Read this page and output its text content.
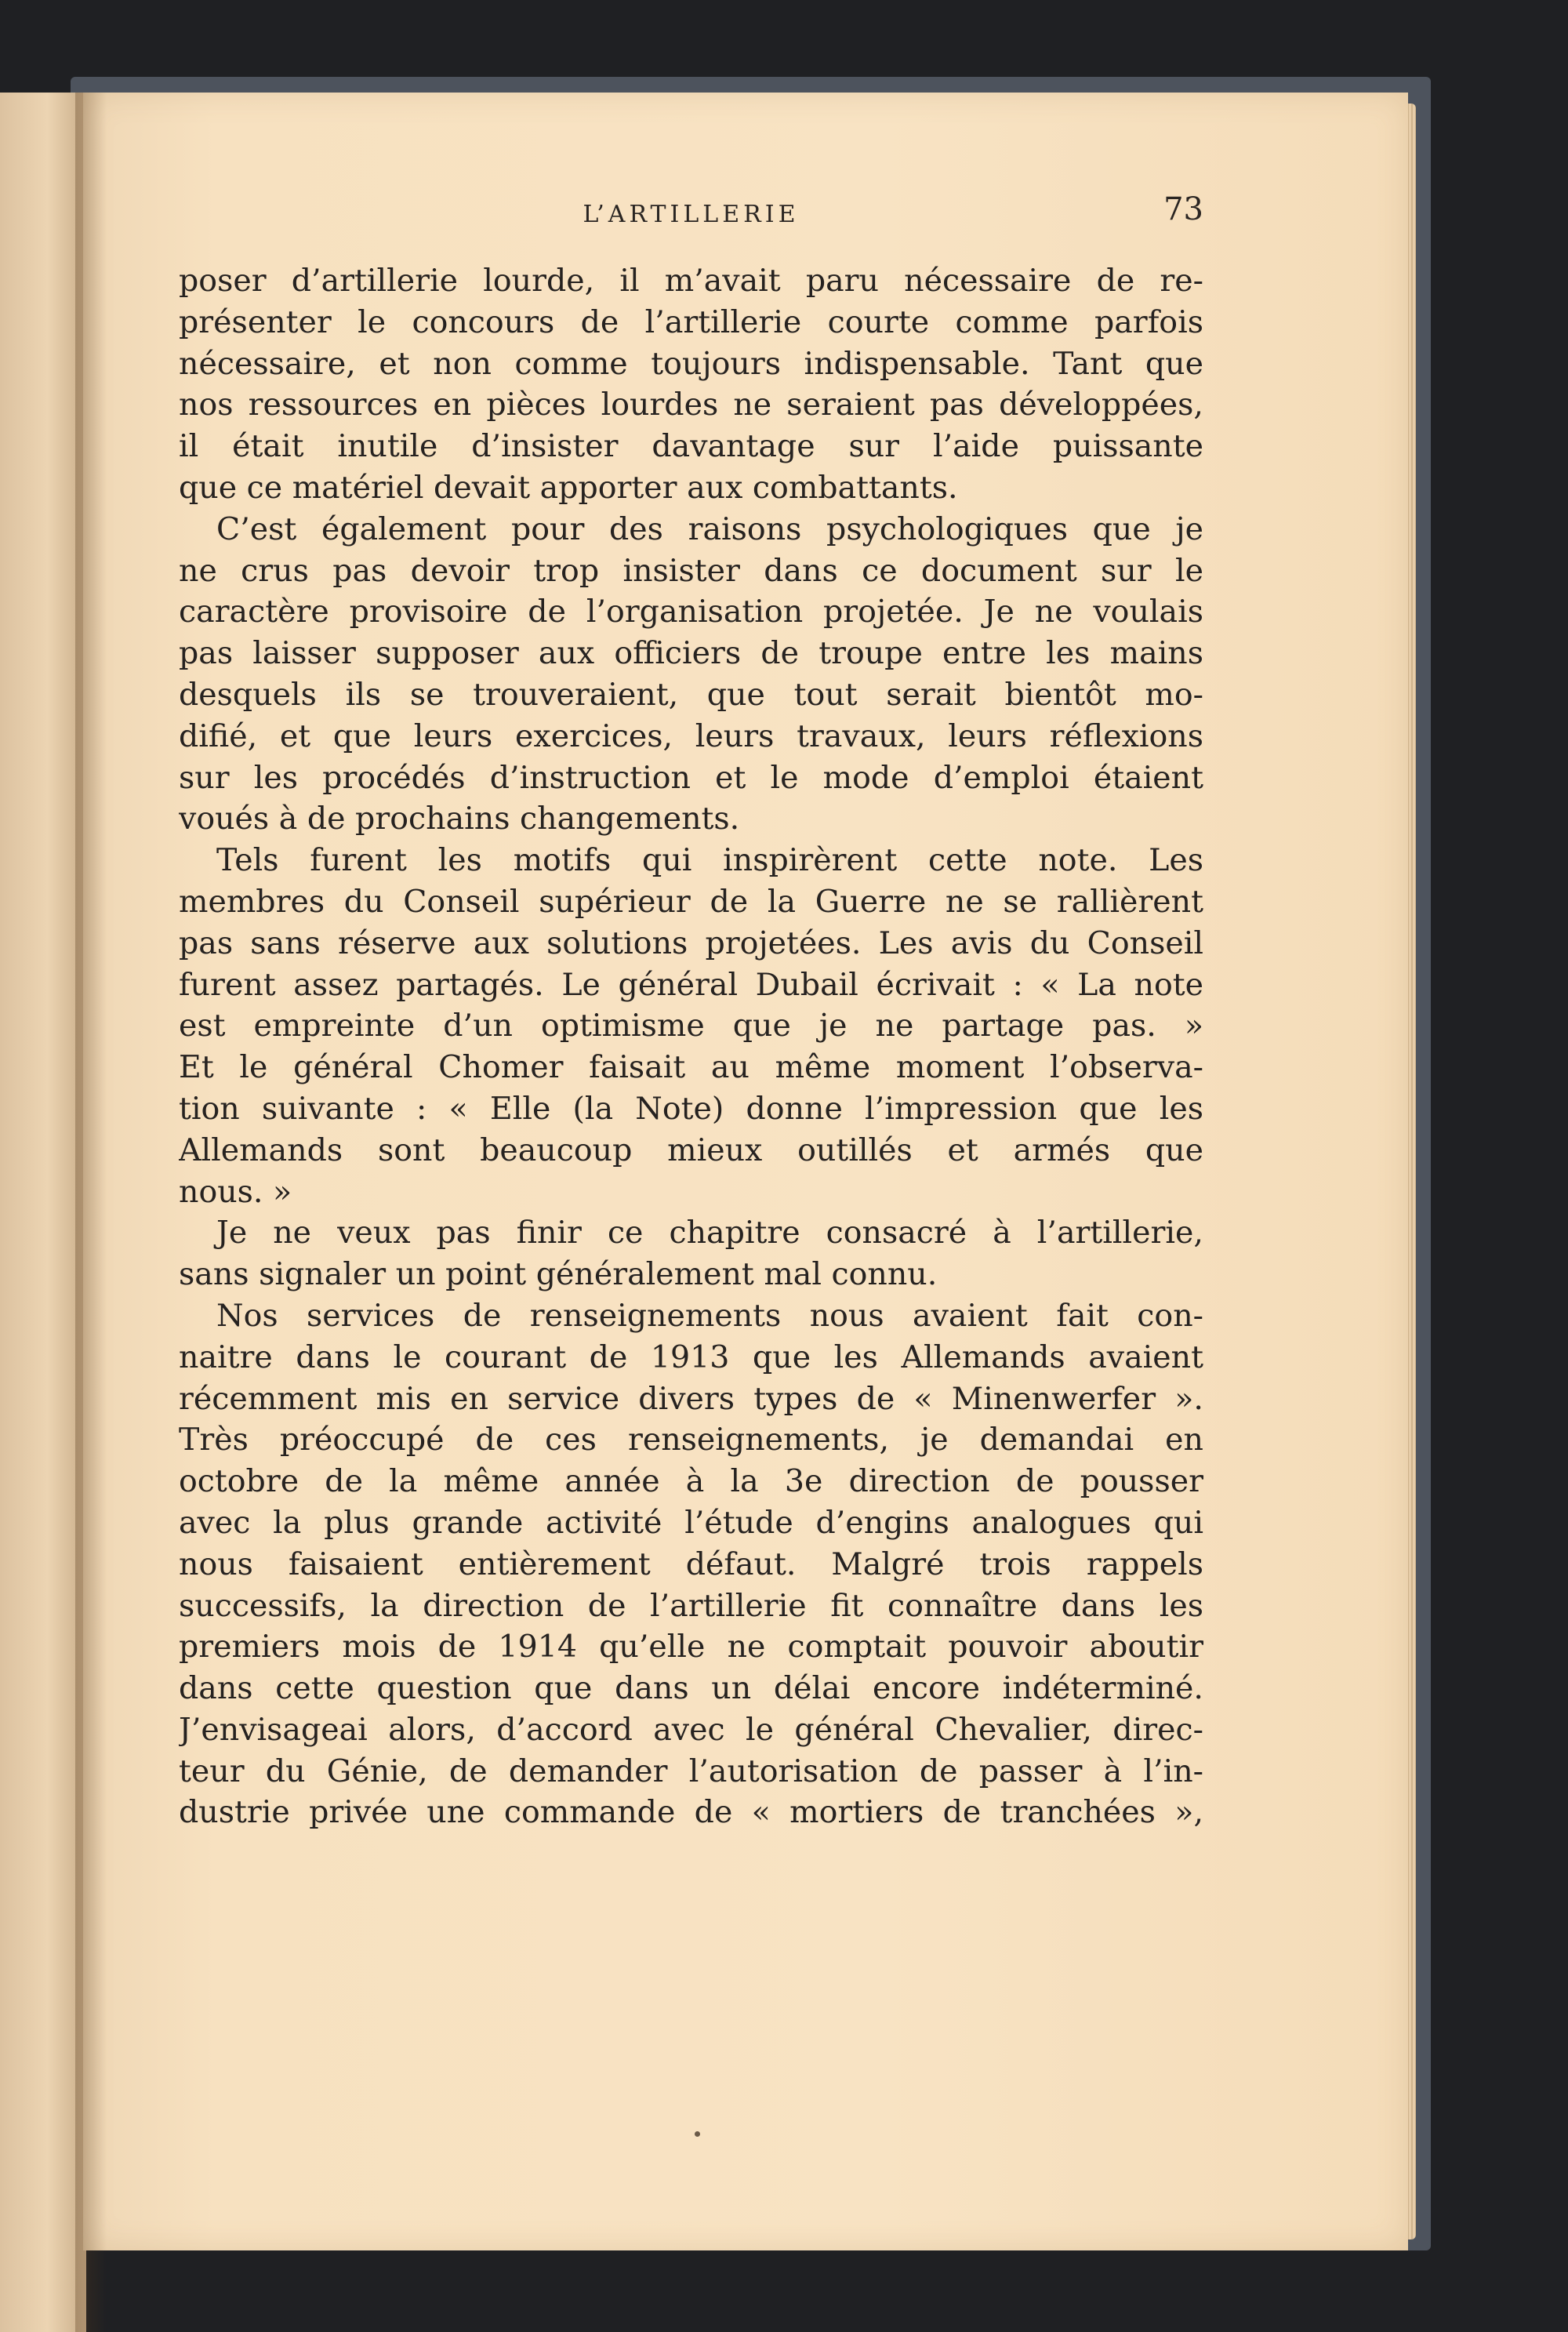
L’ARTILLERIE	73
poser d’artillerie lourde, il m’avait paru nécessaire de re-
présenter le concours de l’artillerie courte comme parfois
nécessaire, et non comme toujours indispensable. Tant que
nos ressources en pièces lourdes ne seraient pas développées,
il était inutile d’insister davantage sur l’aide puissante
que ce matériel devait apporter aux combattants.
C’est également pour des raisons psychologiques que je
ne crus pas devoir trop insister dans ce document sur le
caractère provisoire de l’organisation projetée. Je ne voulais
pas laisser supposer aux officiers de troupe entre les mains
desquels ils se trouveraient, que tout serait bientôt mo-
difié, et que leurs exercices, leurs travaux, leurs réflexions
sur les procédés d’instruction et le mode d’emploi étaient
voués à de prochains changements.
Tels furent les motifs qui inspirèrent cette note. Les
membres du Conseil supérieur de la Guerre ne se rallièrent
pas sans réserve aux solutions projetées. Les avis du Conseil
furent assez partagés. Le général Dubail écrivait : « La note
est empreinte d’un optimisme que je ne partage pas. »
Et le général Chomer faisait au même moment l’observa-
tion suivante : « Elle (la Note) donne l’impression que les
Allemands sont beaucoup mieux outillés et armés que
nous. »
Je ne veux pas finir ce chapitre consacré à l’artillerie,
sans signaler un point généralement mal connu.
Nos services de renseignements nous avaient fait con-
naitre dans le courant de 1913 que les Allemands avaient
récemment mis en service divers types de « Minenwerfer ».
Très préoccupé de ces renseignements, je demandai en
octobre de la même année à la 3e direction de pousser
avec la plus grande activité l’étude d’engins analogues qui
nous faisaient entièrement défaut. Malgré trois rappels
successifs, la direction de l’artillerie fit connaître dans les
premiers mois de 1914 qu’elle ne comptait pouvoir aboutir
dans cette question que dans un délai encore indéterminé.
J’envisageai alors, d’accord avec le général Chevalier, direc-
teur du Génie, de demander l’autorisation de passer à l’in-
dustrie privée une commande de « mortiers de tranchées »,
